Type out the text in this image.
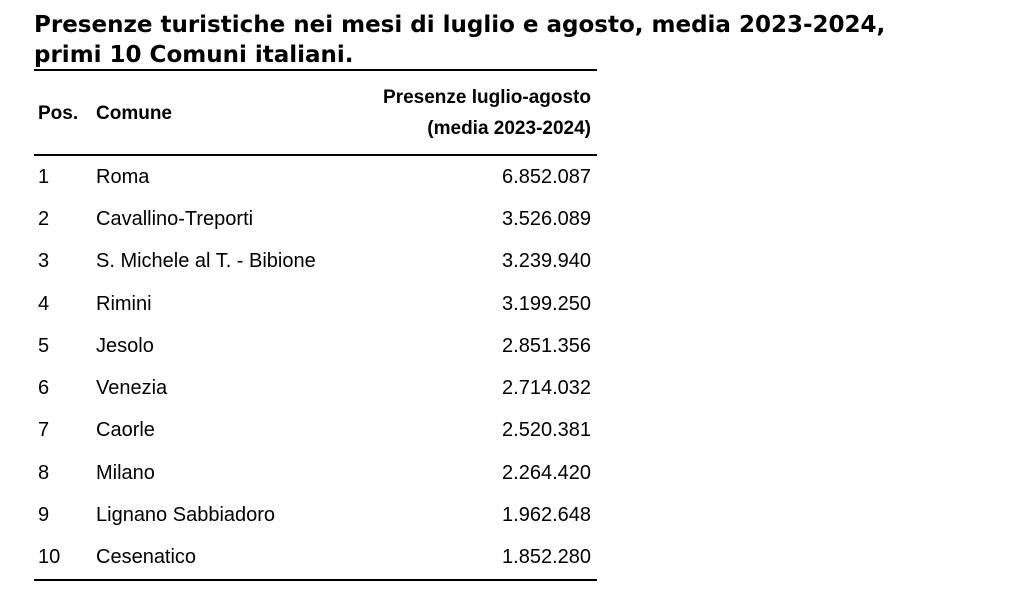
Presenze turistiche nei mesi di luglio e agosto, media 2023-2024,
primi 10 Comuni italiani.
Pos.	Comune	Presenze luglio-agosto
(media 2023-2024)
1	Roma	6.852.087
2	Cavallino-Treporti	3.526.089
3	S. Michele al T. - Bibione	3.239.940
4	Rimini	3.199.250
5	Jesolo	2.851.356
6	Venezia	2.714.032
7	Caorle	2.520.381
8	Milano	2.264.420
9	Lignano Sabbiadoro	1.962.648
10	Cesenatico	1.852.280
